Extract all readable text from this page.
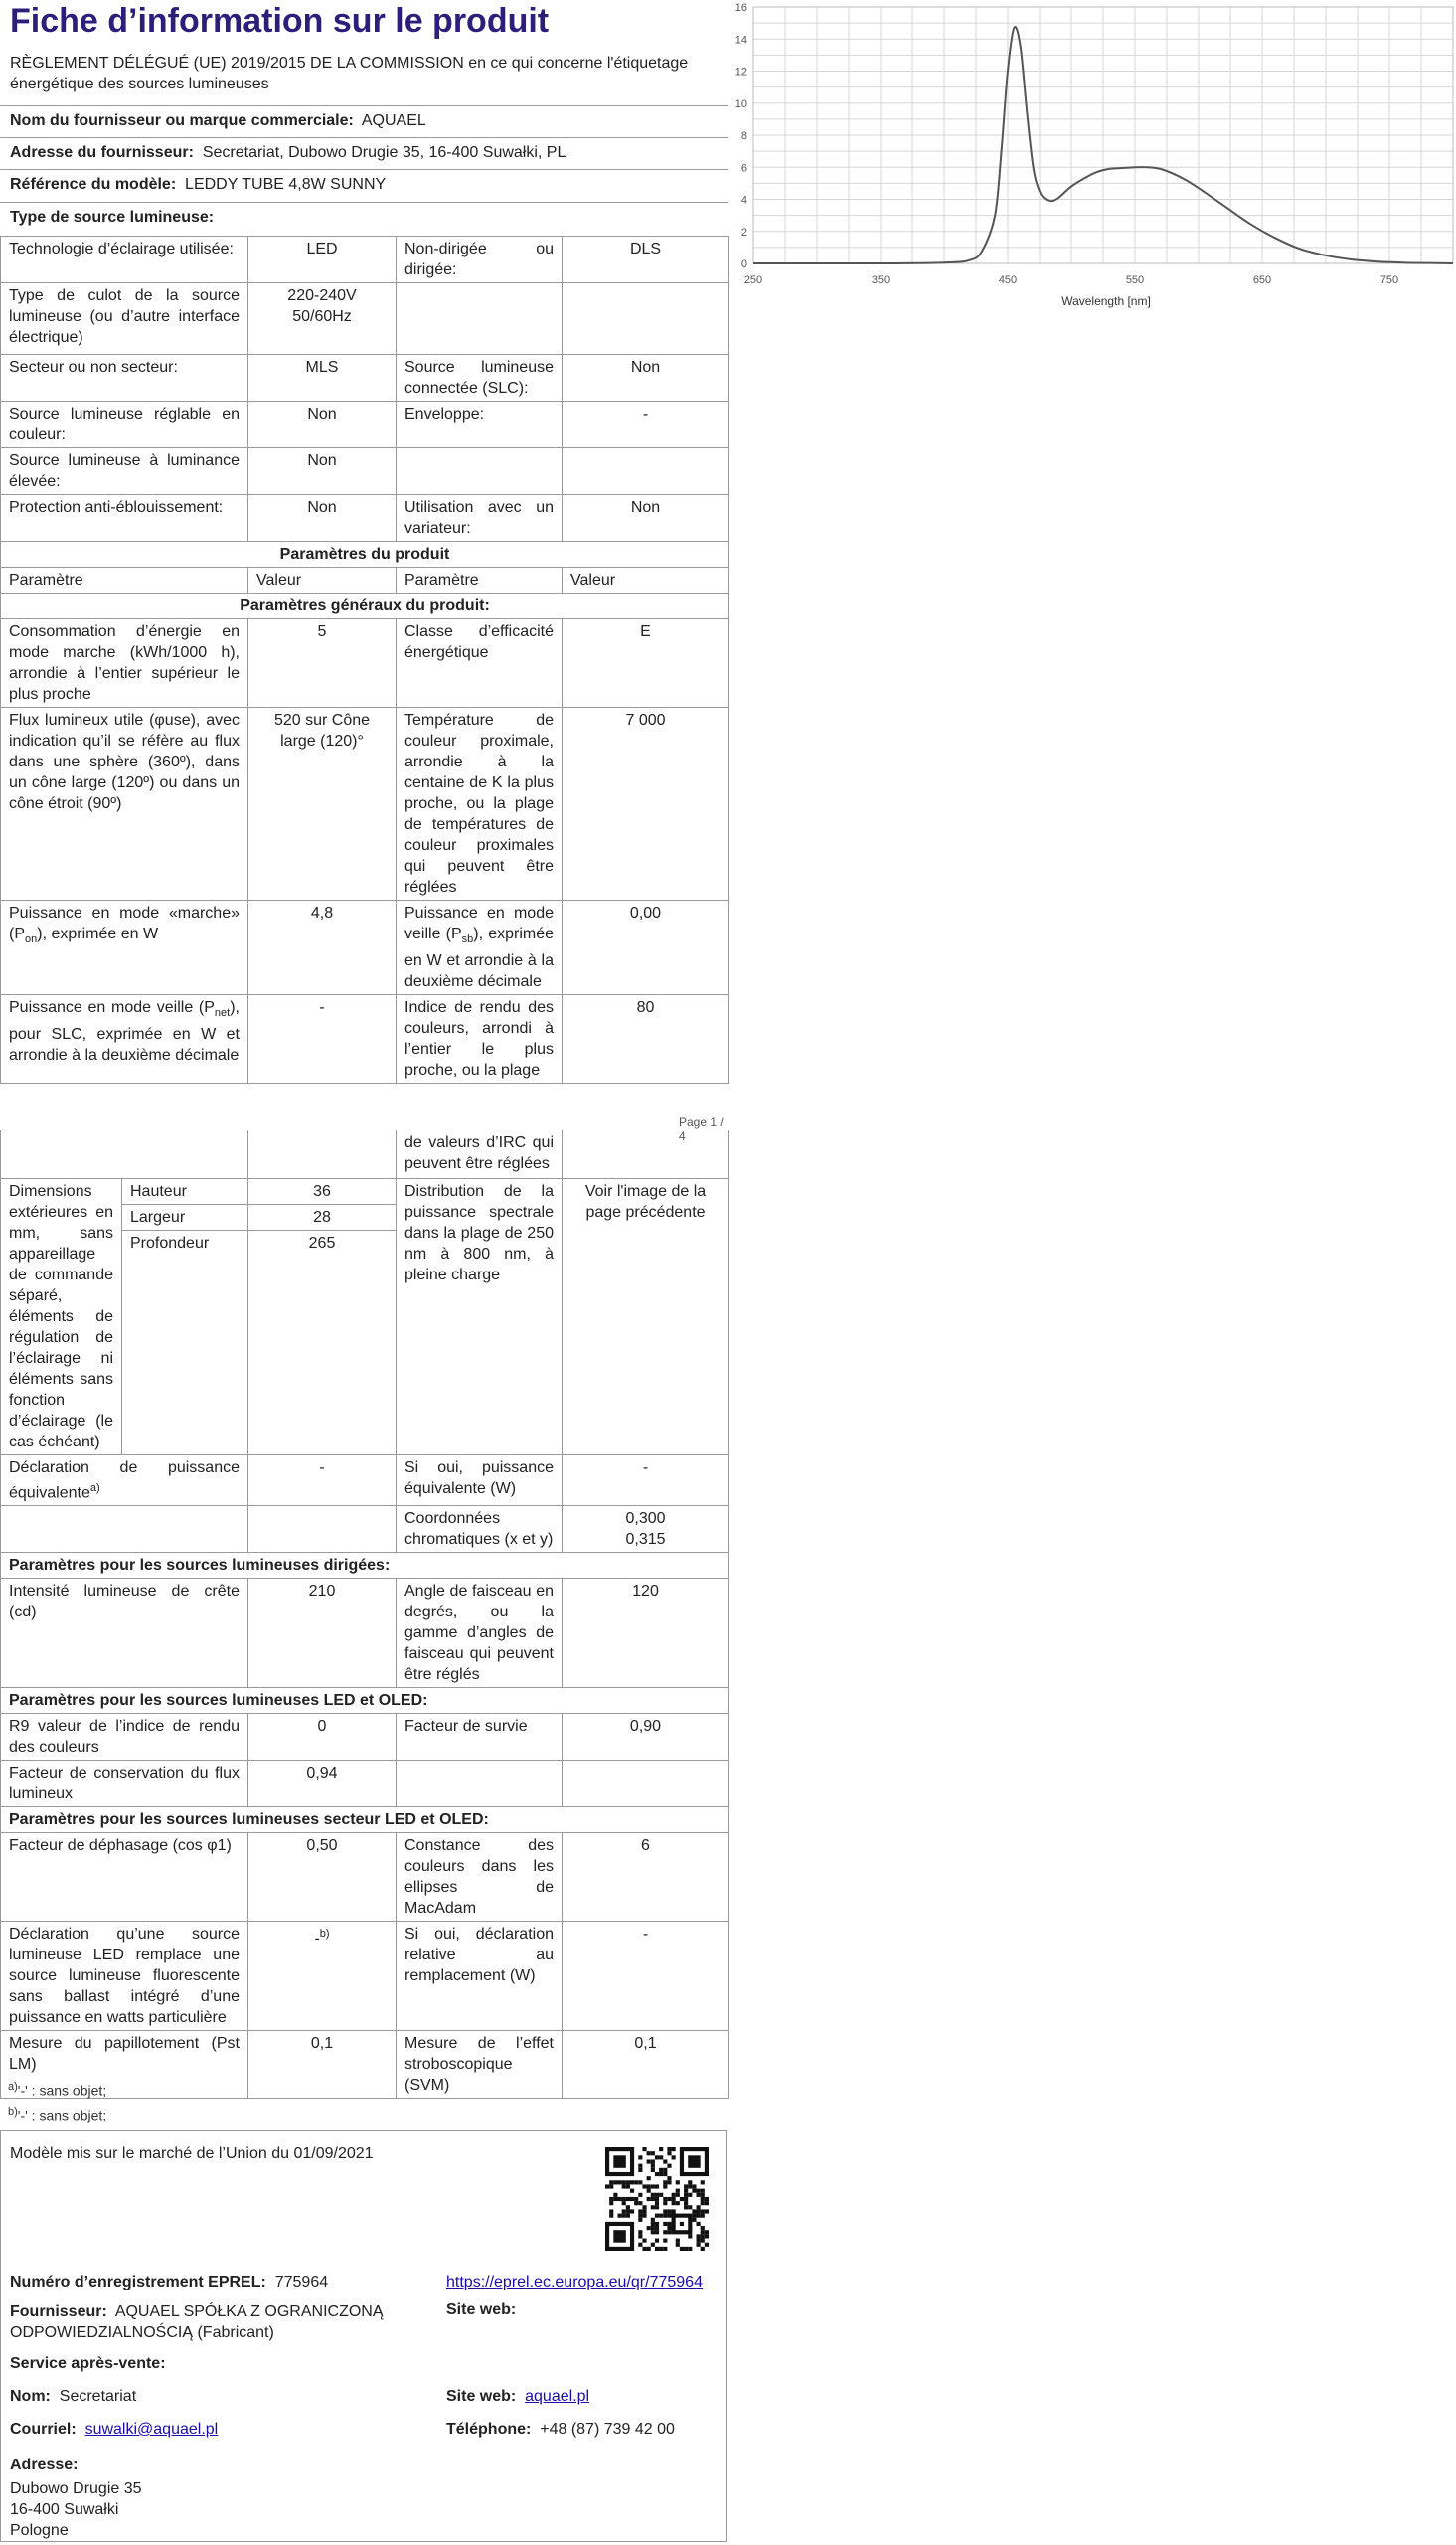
Fiche d’information sur le produit
RÈGLEMENT DÉLÉGUÉ (UE) 2019/2015 DE LA COMMISSION en ce qui concerne l'étiquetage énergétique des sources lumineuses
Nom du fournisseur ou marque commerciale: AQUAEL
Adresse du fournisseur: Secretariat, Dubowo Drugie 35, 16-400 Suwałki, PL
Référence du modèle: LEDDY TUBE 4,8W SUNNY
Type de source lumineuse:
Technologie d’éclairage utilisée:	LED	Non-dirigée ou dirigée:	DLS
Type de culot de la source lumineuse (ou d’autre interface électrique)	220-240V 50/60Hz		
Secteur ou non secteur:	MLS	Source lumineuse connectée (SLC):	Non
Source lumineuse réglable en couleur:	Non	Enveloppe:	-
Source lumineuse à luminance élevée:	Non		
Protection anti-éblouissement:	Non	Utilisation avec un variateur:	Non
Paramètres du produit			
Paramètre	Valeur	Paramètre	Valeur
Paramètres généraux du produit:			
Consommation d’énergie en mode marche (kWh/1000 h), arrondie à l’entier supérieur le plus proche	5	Classe d’efficacité énergétique	E
Flux lumineux utile (φuse), avec indication qu’il se réfère au flux dans une sphère (360º), dans un cône large (120º) ou dans un cône étroit (90º)	520 sur Cône large (120)°	Température de couleur proximale, arrondie à la centaine de K la plus proche, ou la plage de températures de couleur proximales qui peuvent être réglées	7 000
Puissance en mode «marche» $(P_{on})$, exprimée en W	4,8	Puissance en mode veille $(P_{sb})$, exprimée en W et arrondie à la deuxième décimale	0,00
Puissance en mode veille $(P_{net})$, pour SLC, exprimée en W et arrondie à la deuxième décimale	-	Indice de rendu des couleurs, arrondi à l’entier le plus proche, ou la plage	80
0
2
4
6
8
10
12
14
16
250	350	450	550	650	750
Wavelength [nm]
Page 1 / 4
			de valeurs d’IRC qui peuvent être réglées	
Dimensions extérieures en mm, sans appareillage de commande séparé, éléments de régulation de l’éclairage ni éléments sans fonction d’éclairage (le cas échéant)	Hauteur	36	Distribution de la puissance spectrale dans la plage de 250 nm à 800 nm, à pleine charge	Voir l'image de la page précédente
	Largeur	28		
	Profondeur	265		
Déclaration de puissance équivalente$^{a)}$		-	Si oui, puissance équivalente (W)	-
			Coordonnées chromatiques (x et y)	0,300
0,315

Paramètres pour les sources lumineuses dirigées:				
Intensité lumineuse de crête (cd)		210	Angle de faisceau en degrés, ou la gamme d’angles de faisceau qui peuvent être réglés	120
Paramètres pour les sources lumineuses LED et OLED:				
R9 valeur de l’indice de rendu des couleurs		0	Facteur de survie	0,90
Facteur de conservation du flux lumineux		0,94		
Paramètres pour les sources lumineuses secteur LED et OLED:				
Facteur de déphasage (cos φ1)		0,50	Constance des couleurs dans les ellipses de MacAdam	6
Déclaration qu’une source lumineuse LED remplace une source lumineuse fluorescente sans ballast intégré d’une puissance en watts particulière		-$^{b)}$	Si oui, déclaration relative au remplacement (W)	-
Mesure du papillotement (Pst LM)		0,1	Mesure de l’effet stroboscopique (SVM)	0,1
$^{a)}$'-' : sans objet;
$^{b)}$'-' : sans objet;
Modèle mis sur le marché de l’Union du 01/09/2021
Numéro d’enregistrement EPREL: 775964	https://eprel.ec.europa.eu/qr/775964
Fournisseur: AQUAEL SPÓŁKA Z OGRANICZONĄ ODPOWIEDZIALNOŚCIĄ (Fabricant)
Site web:
Service après-vente:
Nom: Secretariat	Site web: aquael.pl
Courriel: suwalki@aquael.pl	Téléphone: +48 (87) 739 42 00
Adresse:
Dubowo Drugie 35
16-400 Suwałki
Pologne
